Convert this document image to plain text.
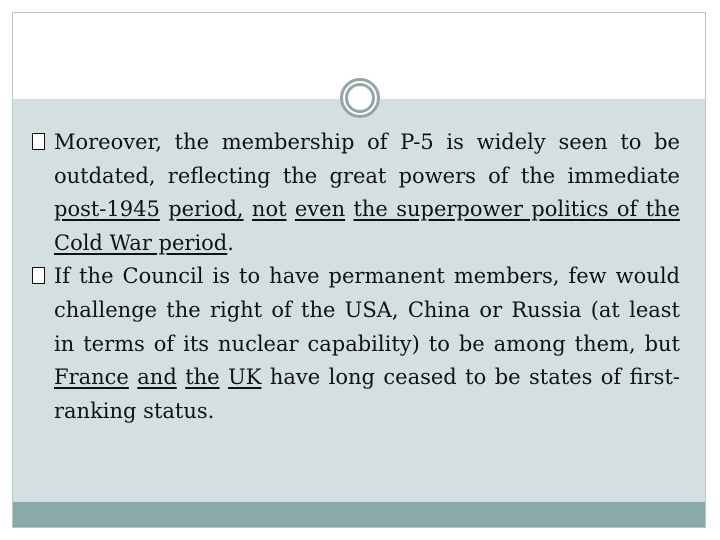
Moreover, the membership of P-5 is widely seen to be outdated, reflecting the great powers of the immediate post-1945 period, not even the superpower politics of the Cold War period.

If the Council is to have permanent members, few would challenge the right of the USA, China or Russia (at least in terms of its nuclear capability) to be among them, but France and the UK have long ceased to be states of first-ranking status.
